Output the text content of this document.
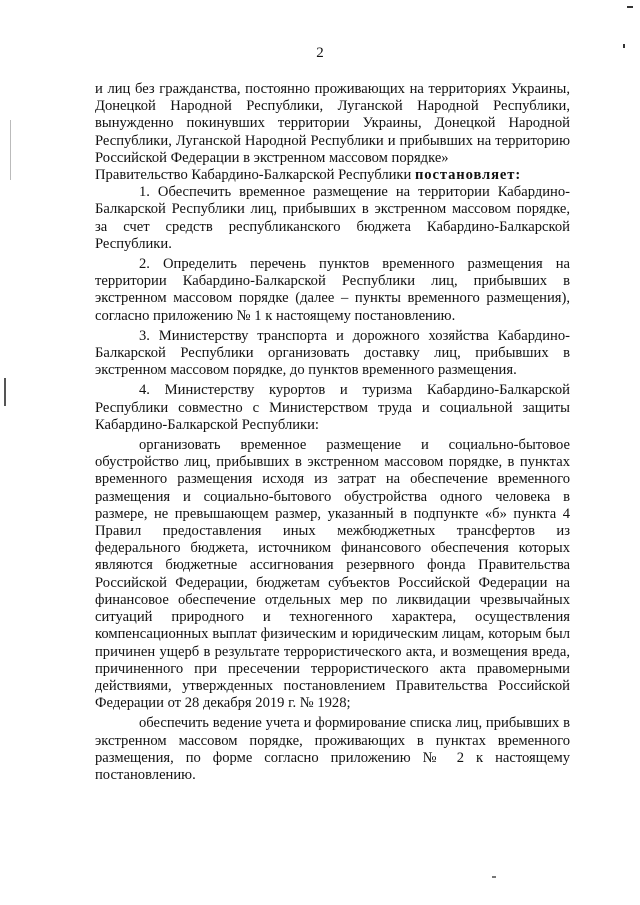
2

и лиц без гражданства, постоянно проживающих на территориях Украины, Донецкой Народной Республики, Луганской Народной Республики, вынужденно покинувших территории Украины, Донецкой Народной Республики, Луганской Народной Республики и прибывших на территорию Российской Федерации в экстренном массовом порядке»

Правительство Кабардино-Балкарской Республики постановляет:

1. Обеспечить временное размещение на территории Кабардино-Балкарской Республики лиц, прибывших в экстренном массовом порядке, за счет средств республиканского бюджета Кабардино-Балкарской Республики.

2. Определить перечень пунктов временного размещения на территории Кабардино-Балкарской Республики лиц, прибывших в экстренном массовом порядке (далее – пункты временного размещения), согласно приложению № 1 к настоящему постановлению.

3. Министерству транспорта и дорожного хозяйства Кабардино-Балкарской Республики организовать доставку лиц, прибывших в экстренном массовом порядке, до пунктов временного размещения.

4. Министерству курортов и туризма Кабардино-Балкарской Республики совместно с Министерством труда и социальной защиты Кабардино-Балкарской Республики:

организовать временное размещение и социально-бытовое обустройство лиц, прибывших в экстренном массовом порядке, в пунктах временного размещения исходя из затрат на обеспечение временного размещения и социально-бытового обустройства одного человека в размере, не превышающем размер, указанный в подпункте «б» пункта 4 Правил предоставления иных межбюджетных трансфертов из федерального бюджета, источником финансового обеспечения которых являются бюджетные ассигнования резервного фонда Правительства Российской Федерации, бюджетам субъектов Российской Федерации на финансовое обеспечение отдельных мер по ликвидации чрезвычайных ситуаций природного и техногенного характера, осуществления компенсационных выплат физическим и юридическим лицам, которым был причинен ущерб в результате террористического акта, и возмещения вреда, причиненного при пресечении террористического акта правомерными действиями, утвержденных постановлением Правительства Российской Федерации от 28 декабря 2019 г. № 1928;

обеспечить ведение учета и формирование списка лиц, прибывших в экстренном массовом порядке, проживающих в пунктах временного размещения, по форме согласно приложению № 2 к настоящему постановлению.
